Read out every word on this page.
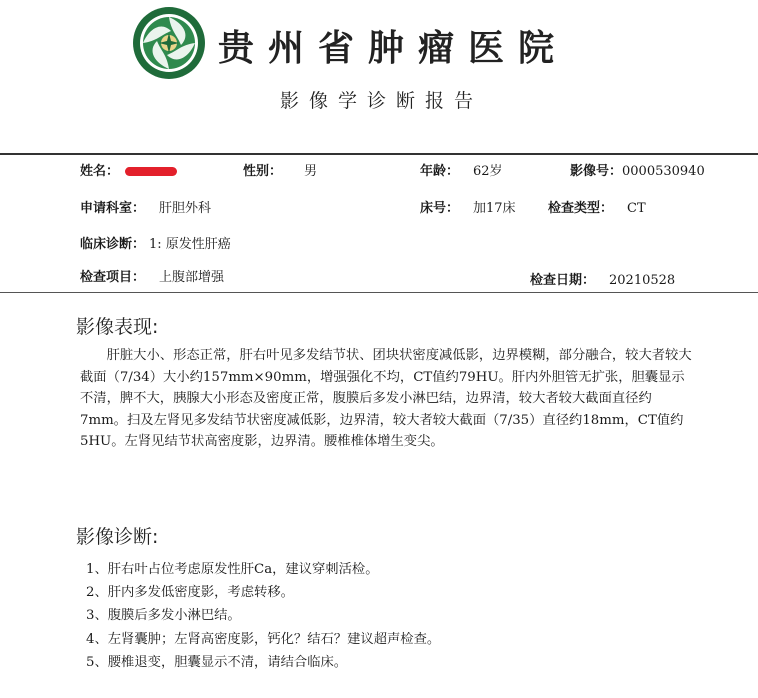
贵州省肿瘤医院
影像学诊断报告
姓名：	性别： 男	年龄： 62岁	影像号：0000530940
申请科室： 肝胆外科	床号： 加17床 检查类型： CT
临床诊断： 1: 原发性肝癌
检查项目： 上腹部增强	检查日期： 20210528
影像表现:

肝脏大小、形态正常，肝右叶见多发结节状、团块状密度减低影，边界模糊，部分融合，较大者较大截面（7/34）大小约157mm×90mm，增强强化不均，CT值约79HU。肝内外胆管无扩张，胆囊显示不清，脾不大，胰腺大小形态及密度正常，腹膜后多发小淋巴结，边界清，较大者较大截面直径约7mm。扫及左肾见多发结节状密度减低影，边界清，较大者较大截面（7/35）直径约18mm，CT值约5HU。左肾见结节状高密度影，边界清。腰椎椎体增生变尖。

影像诊断:
1、肝右叶占位考虑原发性肝Ca，建议穿刺活检。
2、肝内多发低密度影，考虑转移。
3、腹膜后多发小淋巴结。
4、左肾囊肿；左肾高密度影，钙化？结石？建议超声检查。
5、腰椎退变，胆囊显示不清，请结合临床。
